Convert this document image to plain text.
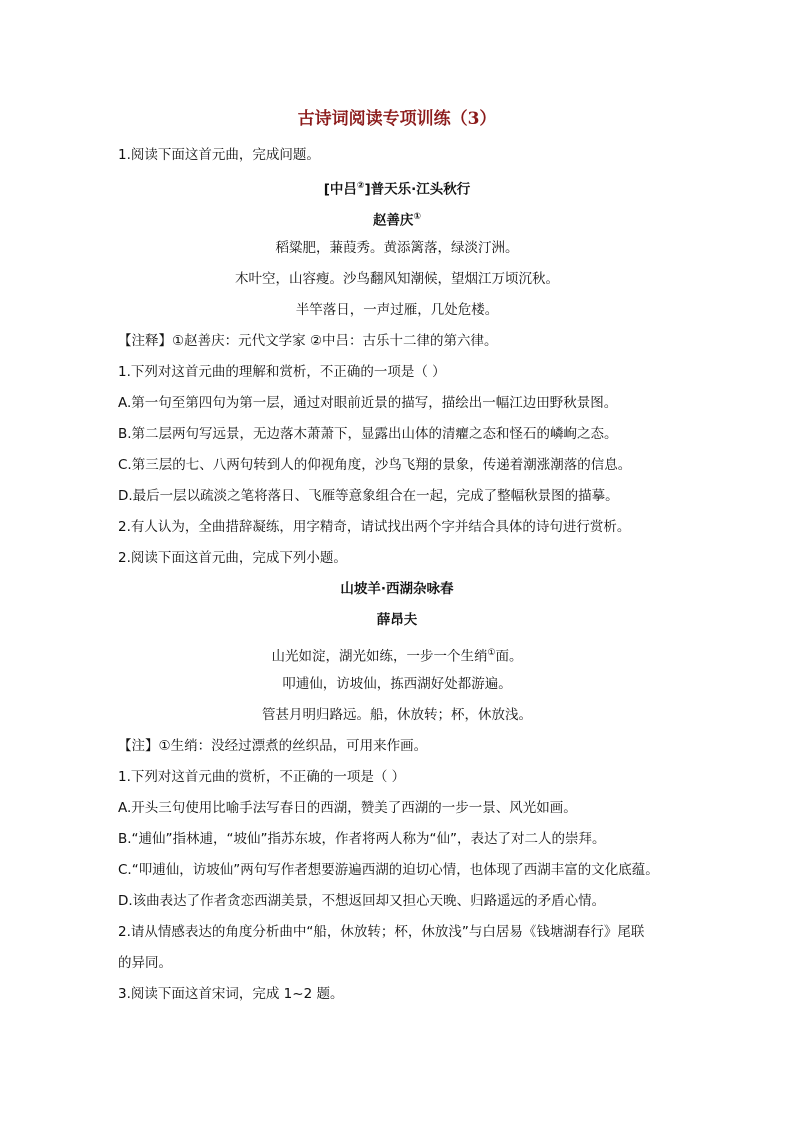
古诗词阅读专项训练（3）
1.阅读下面这首元曲，完成问题。
[中吕②]普天乐·江头秋行
赵善庆①
稻粱肥，蒹葭秀。黄添篱落，绿淡汀洲。
木叶空，山容瘦。沙鸟翻风知潮候，望烟江万顷沉秋。
半竿落日，一声过雁，几处危楼。
【注释】①赵善庆：元代文学家 ②中吕：古乐十二律的第六律。
1.下列对这首元曲的理解和赏析，不正确的一项是（ ）
A.第一句至第四句为第一层，通过对眼前近景的描写，描绘出一幅江边田野秋景图。
B.第二层两句写远景，无边落木萧萧下，显露出山体的清癯之态和怪石的嶙峋之态。
C.第三层的七、八两句转到人的仰视角度，沙鸟飞翔的景象，传递着潮涨潮落的信息。
D.最后一层以疏淡之笔将落日、飞雁等意象组合在一起，完成了整幅秋景图的描摹。
2.有人认为，全曲措辞凝练，用字精奇，请试找出两个字并结合具体的诗句进行赏析。
2.阅读下面这首元曲，完成下列小题。
山坡羊·西湖杂咏春
薛昂夫
山光如淀，湖光如练，一步一个生绡①面。
叩逋仙，访坡仙，拣西湖好处都游遍。
管甚月明归路远。船，休放转；杯，休放浅。
【注】①生绡：没经过漂煮的丝织品，可用来作画。
1.下列对这首元曲的赏析，不正确的一项是（ ）
A.开头三句使用比喻手法写春日的西湖，赞美了西湖的一步一景、风光如画。
B.“逋仙”指林逋，“坡仙”指苏东坡，作者将两人称为“仙”，表达了对二人的崇拜。
C.“叩逋仙，访坡仙”两句写作者想要游遍西湖的迫切心情，也体现了西湖丰富的文化底蕴。
D.该曲表达了作者贪恋西湖美景，不想返回却又担心天晚、归路遥远的矛盾心情。
2.请从情感表达的角度分析曲中“船，休放转；杯，休放浅”与白居易《钱塘湖春行》尾联
的异同。
3.阅读下面这首宋词，完成 1~2 题。
